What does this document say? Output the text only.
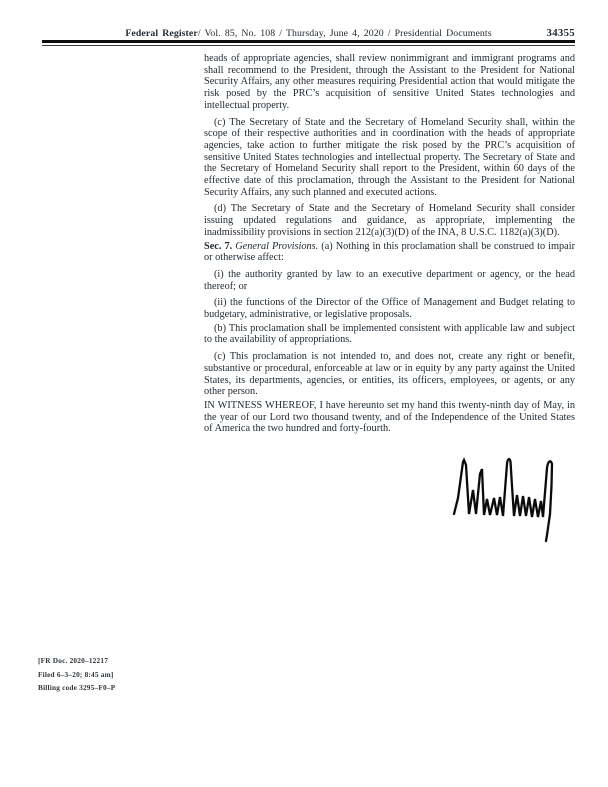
Federal Register/ Vol. 85, No. 108 / Thursday, June 4, 2020 / Presidential Documents	34355

heads of appropriate agencies, shall review nonimmigrant and immigrant programs and shall recommend to the President, through the Assistant to the President for National Security Affairs, any other measures requiring Presidential action that would mitigate the risk posed by the PRC’s acquisition of sensitive United States technologies and intellectual property.

(c) The Secretary of State and the Secretary of Homeland Security shall, within the scope of their respective authorities and in coordination with the heads of appropriate agencies, take action to further mitigate the risk posed by the PRC’s acquisition of sensitive United States technologies and intellectual property. The Secretary of State and the Secretary of Homeland Security shall report to the President, within 60 days of the effective date of this proclamation, through the Assistant to the President for National Security Affairs, any such planned and executed actions.

(d) The Secretary of State and the Secretary of Homeland Security shall consider issuing updated regulations and guidance, as appropriate, implementing the inadmissibility provisions in section 212(a)(3)(D) of the INA, 8 U.S.C. 1182(a)(3)(D).

Sec. 7. General Provisions. (a) Nothing in this proclamation shall be construed to impair or otherwise affect:

(i) the authority granted by law to an executive department or agency, or the head thereof; or

(ii) the functions of the Director of the Office of Management and Budget relating to budgetary, administrative, or legislative proposals.

(b) This proclamation shall be implemented consistent with applicable law and subject to the availability of appropriations.

(c) This proclamation is not intended to, and does not, create any right or benefit, substantive or procedural, enforceable at law or in equity by any party against the United States, its departments, agencies, or entities, its officers, employees, or agents, or any other person.

IN WITNESS WHEREOF, I have hereunto set my hand this twenty-ninth day of May, in the year of our Lord two thousand twenty, and of the Independence of the United States of America the two hundred and forty-fourth.

[FR Doc. 2020–12217
Filed 6–3–20; 8:45 am]
Billing code 3295–F0–P
